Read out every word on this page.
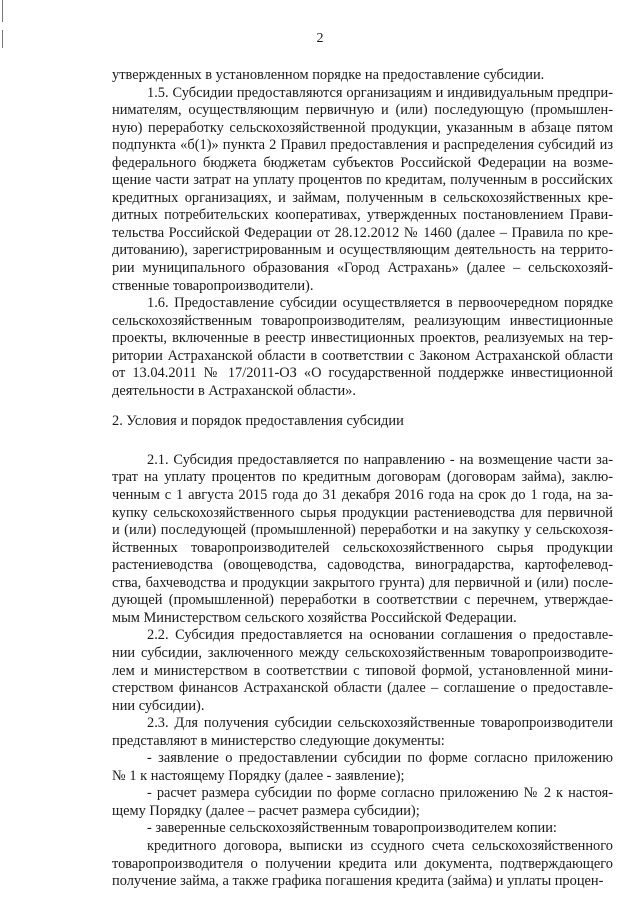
2
утвержденных в установленном порядке на предоставление субсидии.
1.5. Субсидии предоставляются организациям и индивидуальным предпри-
нимателям, осуществляющим первичную и (или) последующую (промышлен-
ную) переработку сельскохозяйственной продукции, указанным в абзаце пятом
подпункта «б(1)» пункта 2 Правил предоставления и распределения субсидий из
федерального бюджета бюджетам субъектов Российской Федерации на возме-
щение части затрат на уплату процентов по кредитам, полученным в российских
кредитных организациях, и займам, полученным в сельскохозяйственных кре-
дитных потребительских кооперативах, утвержденных постановлением Прави-
тельства Российской Федерации от 28.12.2012 № 1460 (далее – Правила по кре-
дитованию), зарегистрированным и осуществляющим деятельность на террито-
рии муниципального образования «Город Астрахань» (далее – сельскохозяй-
ственные товаропроизводители).
1.6. Предоставление субсидии осуществляется в первоочередном порядке
сельскохозяйственным товаропроизводителям, реализующим инвестиционные
проекты, включенные в реестр инвестиционных проектов, реализуемых на тер-
ритории Астраханской области в соответствии с Законом Астраханской области
от 13.04.2011 № 17/2011-ОЗ «О государственной поддержке инвестиционной
деятельности в Астраханской области».
2. Условия и порядок предоставления субсидии
2.1. Субсидия предоставляется по направлению - на возмещение части за-
трат на уплату процентов по кредитным договорам (договорам займа), заклю-
ченным с 1 августа 2015 года до 31 декабря 2016 года на срок до 1 года, на за-
купку сельскохозяйственного сырья продукции растениеводства для первичной
и (или) последующей (промышленной) переработки и на закупку у сельскохозя-
йственных товаропроизводителей сельскохозяйственного сырья продукции
растениеводства (овощеводства, садоводства, виноградарства, картофелевод-
ства, бахчеводства и продукции закрытого грунта) для первичной и (или) после-
дующей (промышленной) переработки в соответствии с перечнем, утверждае-
мым Министерством сельского хозяйства Российской Федерации.
2.2. Субсидия предоставляется на основании соглашения о предоставле-
нии субсидии, заключенного между сельскохозяйственным товаропроизводите-
лем и министерством в соответствии с типовой формой, установленной мини-
стерством финансов Астраханской области (далее – соглашение о предоставле-
нии субсидии).
2.3. Для получения субсидии сельскохозяйственные товаропроизводители
представляют в министерство следующие документы:
- заявление о предоставлении субсидии по форме согласно приложению
№ 1 к настоящему Порядку (далее - заявление);
- расчет размера субсидии по форме согласно приложению № 2 к настоя-
щему Порядку (далее – расчет размера субсидии);
- заверенные сельскохозяйственным товаропроизводителем копии:
кредитного договора, выписки из ссудного счета сельскохозяйственного
товаропроизводителя о получении кредита или документа, подтверждающего
получение займа, а также графика погашения кредита (займа) и уплаты процен-
